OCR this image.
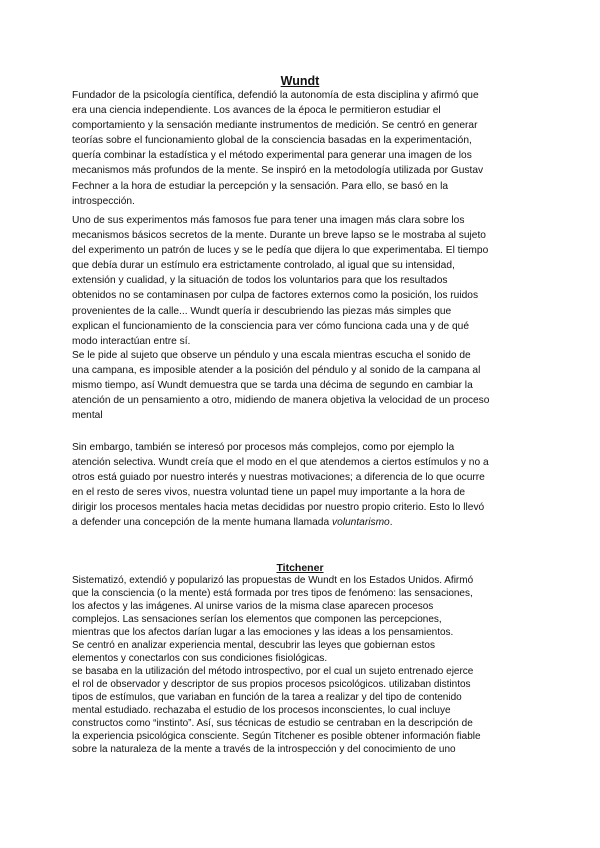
Wundt

Fundador de la psicología científica, defendió la autonomía de esta disciplina y afirmó que
era una ciencia independiente. Los avances de la época le permitieron estudiar el
comportamiento y la sensación mediante instrumentos de medición. Se centró en generar
teorías sobre el funcionamiento global de la consciencia basadas en la experimentación,
quería combinar la estadística y el método experimental para generar una imagen de los
mecanismos más profundos de la mente. Se inspiró en la metodología utilizada por Gustav
Fechner a la hora de estudiar la percepción y la sensación. Para ello, se basó en la
introspección.

Uno de sus experimentos más famosos fue para tener una imagen más clara sobre los
mecanismos básicos secretos de la mente. Durante un breve lapso se le mostraba al sujeto
del experimento un patrón de luces y se le pedía que dijera lo que experimentaba. El tiempo
que debía durar un estímulo era estrictamente controlado, al igual que su intensidad,
extensión y cualidad, y la situación de todos los voluntarios para que los resultados
obtenidos no se contaminasen por culpa de factores externos como la posición, los ruidos
provenientes de la calle... Wundt quería ir descubriendo las piezas más simples que
explican el funcionamiento de la consciencia para ver cómo funciona cada una y de qué
modo interactúan entre sí.

Se le pide al sujeto que observe un péndulo y una escala mientras escucha el sonido de
una campana, es imposible atender a la posición del péndulo y al sonido de la campana al
mismo tiempo, así Wundt demuestra que se tarda una décima de segundo en cambiar la
atención de un pensamiento a otro, midiendo de manera objetiva la velocidad de un proceso
mental

Sin embargo, también se interesó por procesos más complejos, como por ejemplo la
atención selectiva. Wundt creía que el modo en el que atendemos a ciertos estímulos y no a
otros está guiado por nuestro interés y nuestras motivaciones; a diferencia de lo que ocurre
en el resto de seres vivos, nuestra voluntad tiene un papel muy importante a la hora de
dirigir los procesos mentales hacia metas decididas por nuestro propio criterio. Esto lo llevó
a defender una concepción de la mente humana llamada voluntarismo.

Titchener

Sistematizó, extendió y popularizó las propuestas de Wundt en los Estados Unidos. Afirmó
que la consciencia (o la mente) está formada por tres tipos de fenómeno: las sensaciones,
los afectos y las imágenes. Al unirse varios de la misma clase aparecen procesos
complejos. Las sensaciones serían los elementos que componen las percepciones,
mientras que los afectos darían lugar a las emociones y las ideas a los pensamientos.
Se centró en analizar experiencia mental, descubrir las leyes que gobiernan estos
elementos y conectarlos con sus condiciones fisiológicas.
se basaba en la utilización del método introspectivo, por el cual un sujeto entrenado ejerce
el rol de observador y descriptor de sus propios procesos psicológicos. utilizaban distintos
tipos de estímulos, que variaban en función de la tarea a realizar y del tipo de contenido
mental estudiado. rechazaba el estudio de los procesos inconscientes, lo cual incluye
constructos como “instinto”. Así, sus técnicas de estudio se centraban en la descripción de
la experiencia psicológica consciente. Según Titchener es posible obtener información fiable
sobre la naturaleza de la mente a través de la introspección y del conocimiento de uno
